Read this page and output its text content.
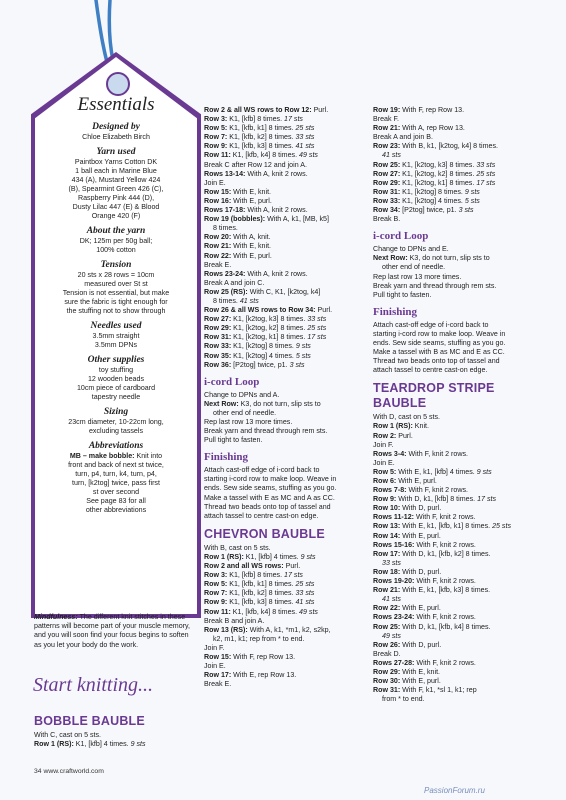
Essentials
Designed by

Chloe Elizabeth Birch

Yarn used

Paintbox Yarns Cotton DK

1 ball each in Marine Blue

434 (A), Mustard Yellow 424

(B), Spearmint Green 426 (C),

Raspberry Pink 444 (D),

Dusty Lilac 447 (E) & Blood

Orange 420 (F)

About the yarn

DK; 125m per 50g ball;

100% cotton

Tension

20 sts x 28 rows = 10cm

measured over St st

Tension is not essential, but make

sure the fabric is tight enough for

the stuffing not to show through

Needles used

3.5mm straight

3.5mm DPNs

Other supplies

toy stuffing

12 wooden beads

10cm piece of cardboard

tapestry needle

Sizing

23cm diameter, 10-22cm long,

excluding tassels

Abbreviations

MB – make bobble: Knit into

front and back of next st twice,

turn, p4, turn, k4, turn, p4,

turn, [k2tog] twice, pass first

st over second

See page 83 for all

other abbreviations

Mindfulness: The different knit stitches in these patterns will become part of your muscle memory, and you will soon find your focus begins to soften as you let your body do the work.
Start knitting...
BOBBLE BAUBLE

With C, cast on 5 sts.

Row 1 (RS): K1, [kfb] 4 times. 9 sts

Row 2 & all WS rows to Row 12: Purl.

Row 3: K1, [kfb] 8 times. 17 sts

Row 5: K1, [kfb, k1] 8 times. 25 sts

Row 7: K1, [kfb, k2] 8 times. 33 sts

Row 9: K1, [kfb, k3] 8 times. 41 sts

Row 11: K1, [kfb, k4] 8 times. 49 sts

Break C after Row 12 and join A.

Rows 13-14: With A, knit 2 rows.

Join E.

Row 15: With E, knit.

Row 16: With E, purl.

Rows 17-18: With A, knit 2 rows.

Row 19 (bobbles): With A, k1, [MB, k5]

8 times.

Row 20: With A, knit.

Row 21: With E, knit.

Row 22: With E, purl.

Break E.

Rows 23-24: With A, knit 2 rows.

Break A and join C.

Row 25 (RS): With C, K1, [k2tog, k4]

8 times. 41 sts

Row 26 & all WS rows to Row 34: Purl.

Row 27: K1, [k2tog, k3] 8 times. 33 sts

Row 29: K1, [k2tog, k2] 8 times. 25 sts

Row 31: K1, [k2tog, k1] 8 times. 17 sts

Row 33: K1, [k2tog] 8 times. 9 sts

Row 35: K1, [k2tog] 4 times. 5 sts

Row 36: [P2tog] twice, p1. 3 sts

i-cord Loop

Change to DPNs and A.

Next Row: K3, do not turn, slip sts to

other end of needle.

Rep last row 13 more times.

Break yarn and thread through rem sts.

Pull tight to fasten.

Finishing

Attach cast-off edge of i-cord back to

starting i-cord row to make loop. Weave in

ends. Sew side seams, stuffing as you go.

Make a tassel with E as MC and A as CC.

Thread two beads onto top of tassel and

attach tassel to centre cast-on edge.

CHEVRON BAUBLE

With B, cast on 5 sts.

Row 1 (RS): K1, [kfb] 4 times. 9 sts

Row 2 and all WS rows: Purl.

Row 3: K1, [kfb] 8 times. 17 sts

Row 5: K1, [kfb, k1] 8 times. 25 sts

Row 7: K1, [kfb, k2] 8 times. 33 sts

Row 9: K1, [kfb, k3] 8 times. 41 sts

Row 11: K1, [kfb, k4] 8 times. 49 sts

Break B and join A.

Row 13 (RS): With A, k1, *m1, k2, s2kp,

k2, m1, k1; rep from * to end.

Join F.

Row 15: With F, rep Row 13.

Join E.

Row 17: With E, rep Row 13.

Break E.

Row 19: With F, rep Row 13.

Break F.

Row 21: With A, rep Row 13.

Break A and join B.

Row 23: With B, k1, [k2tog, k4] 8 times.

41 sts

Row 25: K1, [k2tog, k3] 8 times. 33 sts

Row 27: K1, [k2tog, k2] 8 times. 25 sts

Row 29: K1, [k2tog, k1] 8 times. 17 sts

Row 31: K1, [k2tog] 8 times. 9 sts

Row 33: K1, [k2tog] 4 times. 5 sts

Row 34: [P2tog] twice, p1. 3 sts

Break B.

i-cord Loop

Change to DPNs and E.

Next Row: K3, do not turn, slip sts to

other end of needle.

Rep last row 13 more times.

Break yarn and thread through rem sts.

Pull tight to fasten.

Finishing

Attach cast-off edge of i-cord back to

starting i-cord row to make loop. Weave in

ends. Sew side seams, stuffing as you go.

Make a tassel with B as MC and E as CC.

Thread two beads onto top of tassel and

attach tassel to centre cast-on edge.

TEARDROP STRIPE BAUBLE

With D, cast on 5 sts.

Row 1 (RS): Knit.

Row 2: Purl.

Join F.

Rows 3-4: With F, knit 2 rows.

Join E.

Row 5: With E, k1, [kfb] 4 times. 9 sts

Row 6: With E, purl.

Rows 7-8: With F, knit 2 rows.

Row 9: With D, k1, [kfb] 8 times. 17 sts

Row 10: With D, purl.

Rows 11-12: With F, knit 2 rows.

Row 13: With E, k1, [kfb, k1] 8 times. 25 sts

Row 14: With E, purl.

Rows 15-16: With F, knit 2 rows.

Row 17: With D, k1, [kfb, k2] 8 times.

33 sts

Row 18: With D, purl.

Rows 19-20: With F, knit 2 rows.

Row 21: With E, k1, [kfb, k3] 8 times.

41 sts

Row 22: With E, purl.

Rows 23-24: With F, knit 2 rows.

Row 25: With D, k1, [kfb, k4] 8 times.

49 sts

Row 26: With D, purl.

Break D.

Rows 27-28: With F, knit 2 rows.

Row 29: With E, knit.

Row 30: With E, purl.

Row 31: With F, k1, *sl 1, k1; rep

from * to end.

34 www.craftworld.com
PassionForum.ru
